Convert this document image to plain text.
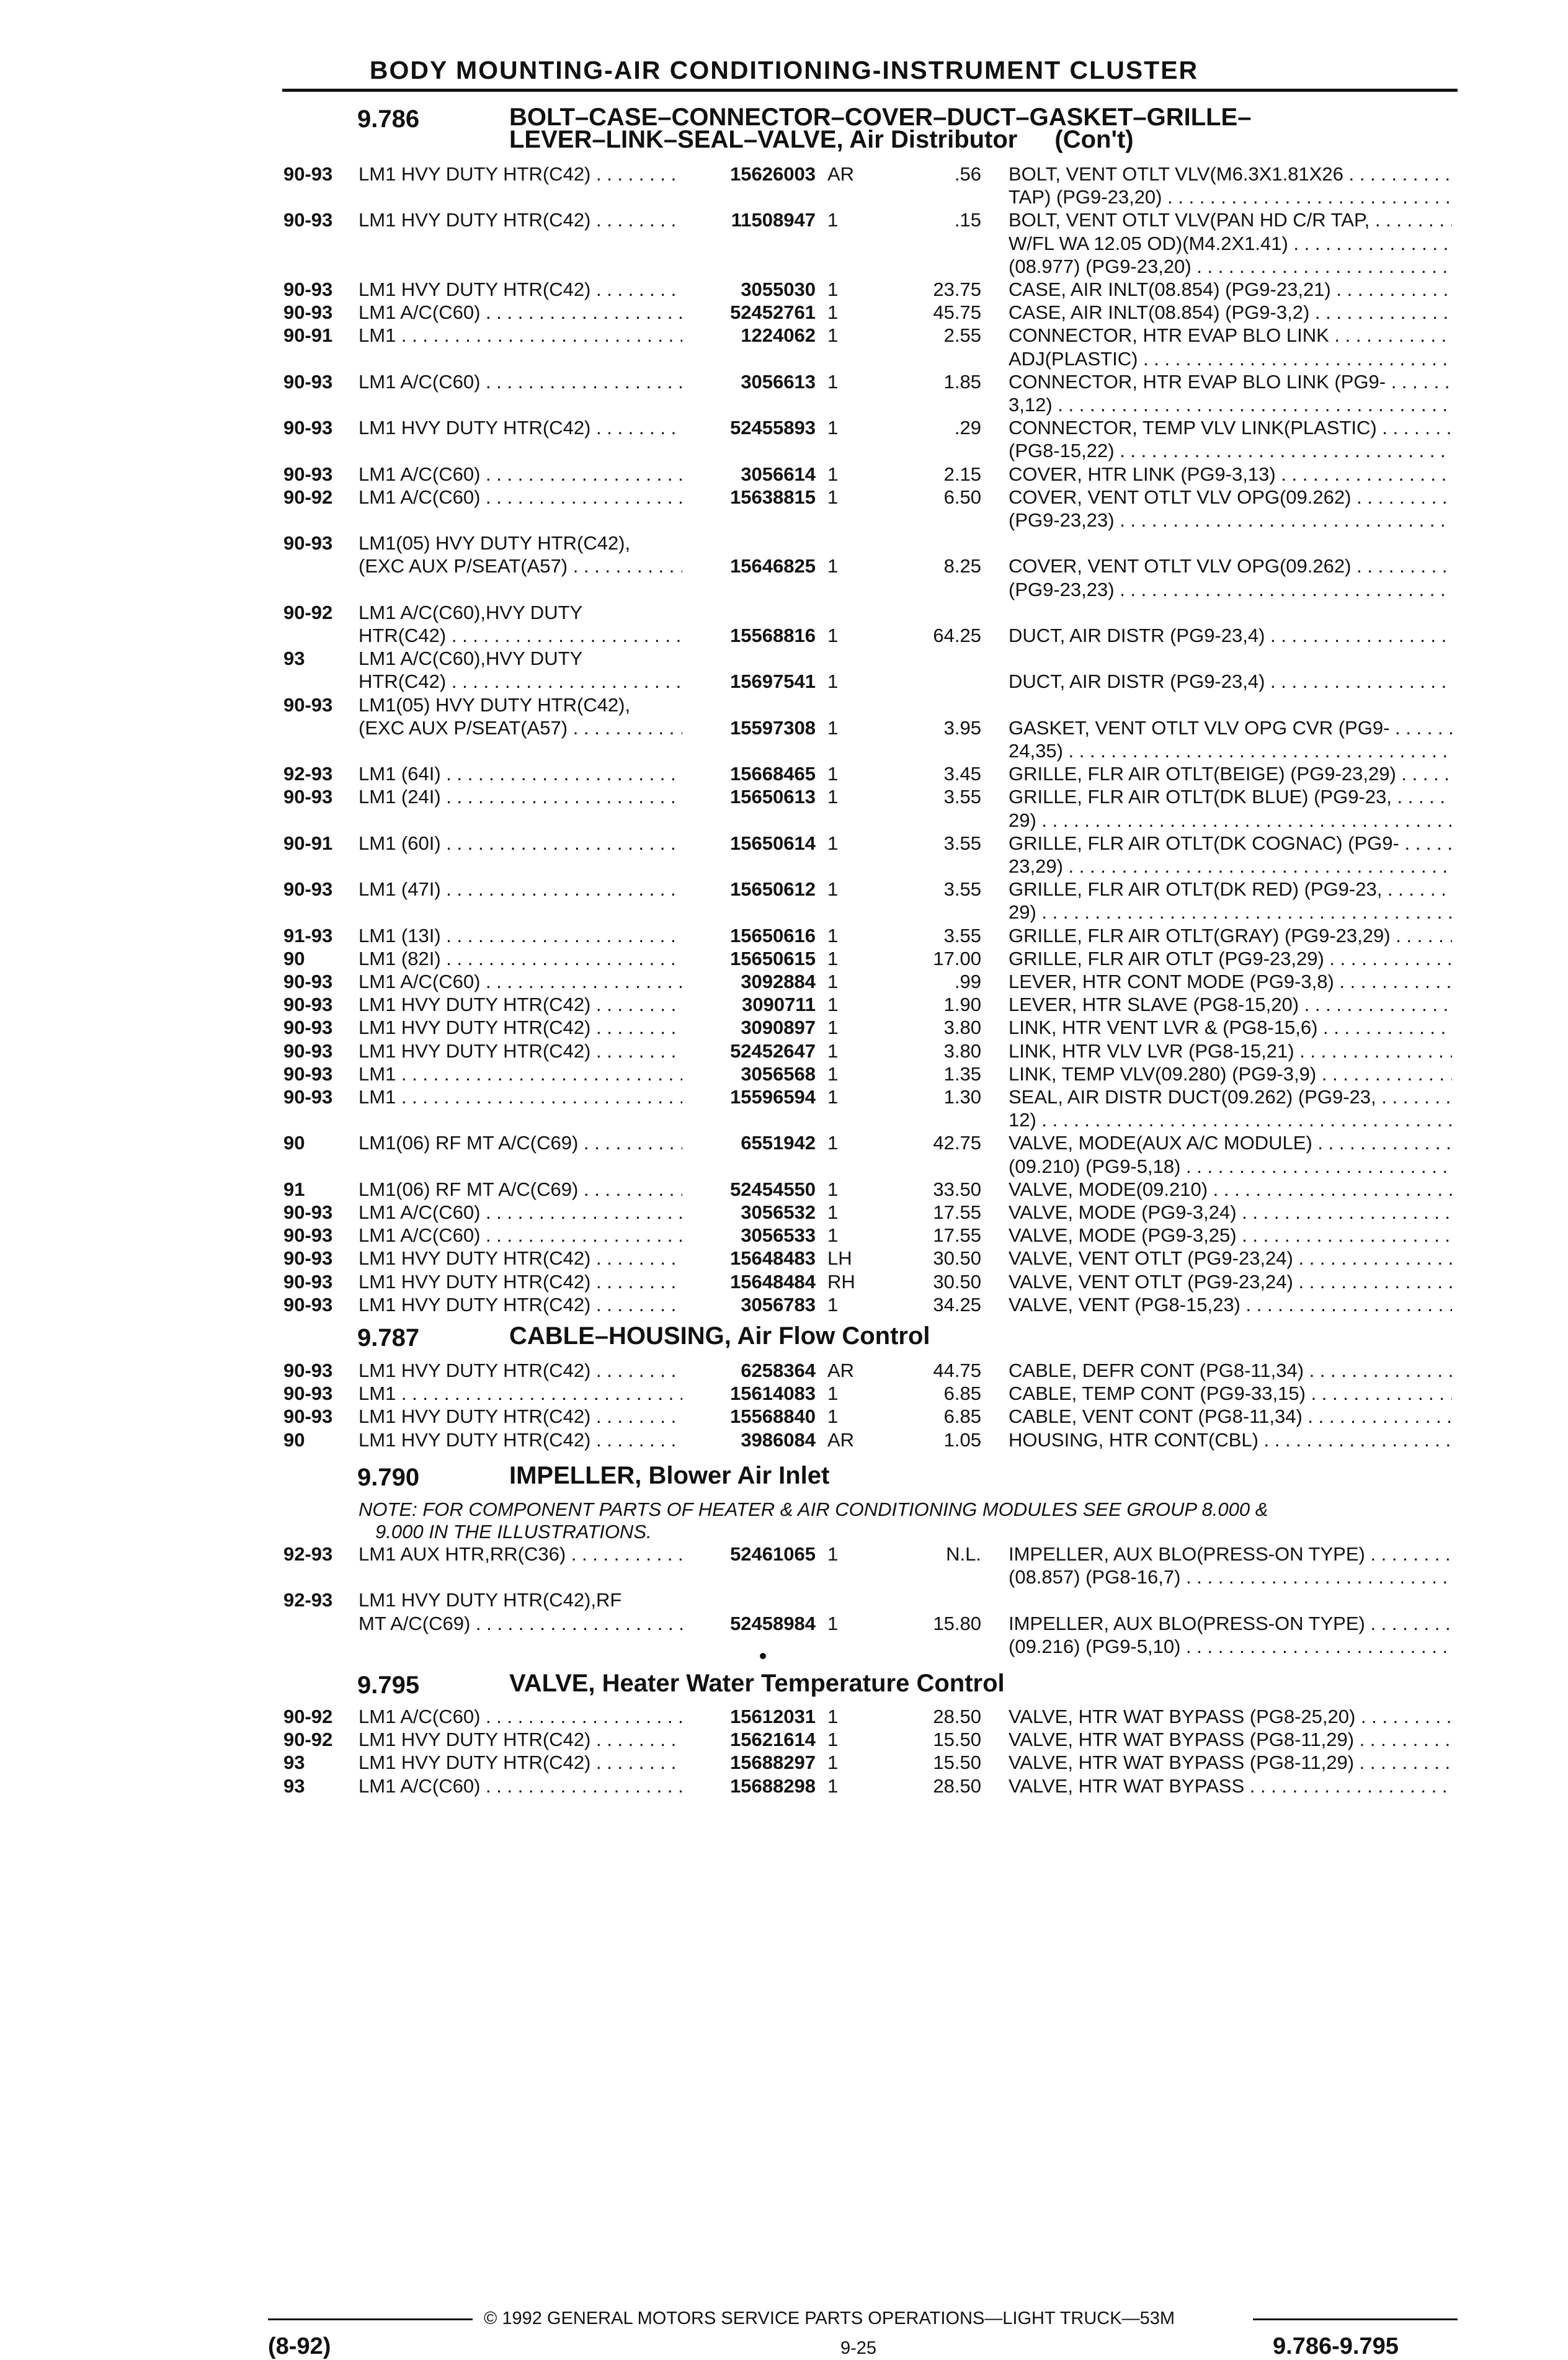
BODY MOUNTING-AIR CONDITIONING-INSTRUMENT CLUSTER
9.786	BOLT–CASE–CONNECTOR–COVER–DUCT–GASKET–GRILLE–
LEVER–LINK–SEAL–VALVE, Air Distributor (Con't)
90-93 LM1 HVY DUTY HTR(C42) . . .	15626003 AR	.56 BOLT, VENT OTLT VLV(M6.3X1.81X26 . . .
TAP) (PG9-23,20) . . .
90-93 LM1 HVY DUTY HTR(C42) . . .	11508947 1	.15 BOLT, VENT OTLT VLV(PAN HD C/R TAP, . . .
W/FL WA 12.05 OD)(M4.2X1.41) . . .
(08.977) (PG9-23,20) . . .
90-93 LM1 HVY DUTY HTR(C42) . . .	3055030 1	23.75 CASE, AIR INLT(08.854) (PG9-23,21) . . .
90-93 LM1 A/C(C60) . . .	52452761 1	45.75 CASE, AIR INLT(08.854) (PG9-3,2) . . .
90-91 LM1 . . .	1224062 1	2.55 CONNECTOR, HTR EVAP BLO LINK . . .
ADJ(PLASTIC) . . .
90-93 LM1 A/C(C60) . . .	3056613 1	1.85 CONNECTOR, HTR EVAP BLO LINK (PG9- . . .
3,12) . . .
90-93 LM1 HVY DUTY HTR(C42) . . .	52455893 1	.29 CONNECTOR, TEMP VLV LINK(PLASTIC) . . .
(PG8-15,22) . . .
90-93 LM1 A/C(C60) . . .	3056614 1	2.15 COVER, HTR LINK (PG9-3,13) . . .
90-92 LM1 A/C(C60) . . .	15638815 1	6.50 COVER, VENT OTLT VLV OPG(09.262) . . .
(PG9-23,23) . . .
90-93 LM1(05) HVY DUTY HTR(C42),
(EXC AUX P/SEAT(A57) . . .	15646825 1	8.25 COVER, VENT OTLT VLV OPG(09.262) . . .
(PG9-23,23) . . .
90-92 LM1 A/C(C60),HVY DUTY
HTR(C42) . . .	15568816 1	64.25 DUCT, AIR DISTR (PG9-23,4) . . .
93	LM1 A/C(C60),HVY DUTY
HTR(C42) . . .	15697541 1	DUCT, AIR DISTR (PG9-23,4) . . .
90-93 LM1(05) HVY DUTY HTR(C42),
(EXC AUX P/SEAT(A57) . . .	15597308 1	3.95 GASKET, VENT OTLT VLV OPG CVR (PG9- . . .
24,35) . . .
92-93 LM1 (64I) . . .	15668465 1	3.45 GRILLE, FLR AIR OTLT(BEIGE) (PG9-23,29) . . .
90-93 LM1 (24I) . . .	15650613 1	3.55 GRILLE, FLR AIR OTLT(DK BLUE) (PG9-23, . . .
29) . . .
90-91 LM1 (60I) . . .	15650614 1	3.55 GRILLE, FLR AIR OTLT(DK COGNAC) (PG9- . . .
23,29) . . .
90-93 LM1 (47I) . . .	15650612 1	3.55 GRILLE, FLR AIR OTLT(DK RED) (PG9-23, . . .
29) . . .
91-93 LM1 (13I) . . .	15650616 1	3.55 GRILLE, FLR AIR OTLT(GRAY) (PG9-23,29) . . .
90	LM1 (82I) . . .	15650615 1	17.00 GRILLE, FLR AIR OTLT (PG9-23,29) . . .
90-93 LM1 A/C(C60) . . .	3092884 1	.99 LEVER, HTR CONT MODE (PG9-3,8) . . .
90-93 LM1 HVY DUTY HTR(C42) . . .	3090711 1	1.90 LEVER, HTR SLAVE (PG8-15,20) . . .
90-93 LM1 HVY DUTY HTR(C42) . . .	3090897 1	3.80 LINK, HTR VENT LVR & (PG8-15,6) . . .
90-93 LM1 HVY DUTY HTR(C42) . . .	52452647 1	3.80 LINK, HTR VLV LVR (PG8-15,21) . . .
90-93 LM1 . . .	3056568 1	1.35 LINK, TEMP VLV(09.280) (PG9-3,9) . . .
90-93 LM1 . . .	15596594 1	1.30 SEAL, AIR DISTR DUCT(09.262) (PG9-23, . . .
12) . . .
90	LM1(06) RF MT A/C(C69) . . .	6551942 1	42.75 VALVE, MODE(AUX A/C MODULE) . . .
(09.210) (PG9-5,18) . . .
91	LM1(06) RF MT A/C(C69) . . .	52454550 1	33.50 VALVE, MODE(09.210) . . .
90-93 LM1 A/C(C60) . . .	3056532 1	17.55 VALVE, MODE (PG9-3,24) . . .
90-93 LM1 A/C(C60) . . .	3056533 1	17.55 VALVE, MODE (PG9-3,25) . . .
90-93 LM1 HVY DUTY HTR(C42) . . .	15648483 LH	30.50 VALVE, VENT OTLT (PG9-23,24) . . .
90-93 LM1 HVY DUTY HTR(C42) . . .	15648484 RH	30.50 VALVE, VENT OTLT (PG9-23,24) . . .
90-93 LM1 HVY DUTY HTR(C42) . . .	3056783 1	34.25 VALVE, VENT (PG8-15,23) . . .
9.787	CABLE–HOUSING, Air Flow Control
90-93 LM1 HVY DUTY HTR(C42) . . .	6258364 AR	44.75 CABLE, DEFR CONT (PG8-11,34) . . .
90-93 LM1 . . .	15614083 1	6.85 CABLE, TEMP CONT (PG9-33,15) . . .
90-93 LM1 HVY DUTY HTR(C42) . . .	15568840 1	6.85 CABLE, VENT CONT (PG8-11,34) . . .
90	LM1 HVY DUTY HTR(C42) . . .	3986084 AR	1.05 HOUSING, HTR CONT(CBL) . . .
9.790	IMPELLER, Blower Air Inlet
NOTE: FOR COMPONENT PARTS OF HEATER & AIR CONDITIONING MODULES SEE GROUP 8.000 &
9.000 IN THE ILLUSTRATIONS.
92-93 LM1 AUX HTR,RR(C36) . . .	52461065 1	N.L. IMPELLER, AUX BLO(PRESS-ON TYPE) . . .
(08.857) (PG8-16,7) . . .
92-93 LM1 HVY DUTY HTR(C42),RF
MT A/C(C69) . . .	52458984 1	15.80 IMPELLER, AUX BLO(PRESS-ON TYPE) . . .
(09.216) (PG9-5,10) . . .
9.795	VALVE, Heater Water Temperature Control
90-92 LM1 A/C(C60) . . .	15612031 1	28.50 VALVE, HTR WAT BYPASS (PG8-25,20) . . .
90-92 LM1 HVY DUTY HTR(C42) . . .	15621614 1	15.50 VALVE, HTR WAT BYPASS (PG8-11,29) . . .
93	LM1 HVY DUTY HTR(C42) . . .	15688297 1	15.50 VALVE, HTR WAT BYPASS (PG8-11,29) . . .
93	LM1 A/C(C60) . . .	15688298 1	28.50 VALVE, HTR WAT BYPASS . . .
© 1992 GENERAL MOTORS SERVICE PARTS OPERATIONS—LIGHT TRUCK—53M
(8-92)	9-25	9.786-9.795
